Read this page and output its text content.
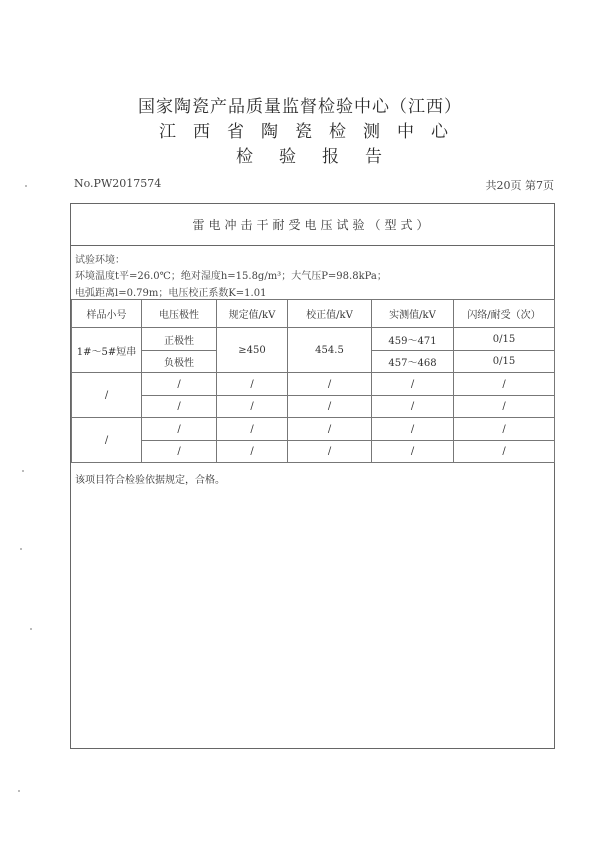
国家陶瓷产品质量监督检验中心（江西）
江西省陶瓷检测中心
检验报告
No.PW2017574	共20页 第7页
雷电冲击干耐受电压试验（型式）
试验环境：
环境温度t平=26.0℃；绝对湿度h=15.8g/m³；大气压P=98.8kPa；
电弧距离l=0.79m；电压校正系数K=1.01
样品小号	电压极性	规定值/kV	校正值/kV	实测值/kV	闪络/耐受（次）
1#～5#短串	正极性	≥450	454.5	459～471	0/15
	负极性			457～468	0/15
/	/	/	/	/	/
	/	/	/	/	/
/	/	/	/	/	/
	/	/	/	/	/
该项目符合检验依据规定，合格。
